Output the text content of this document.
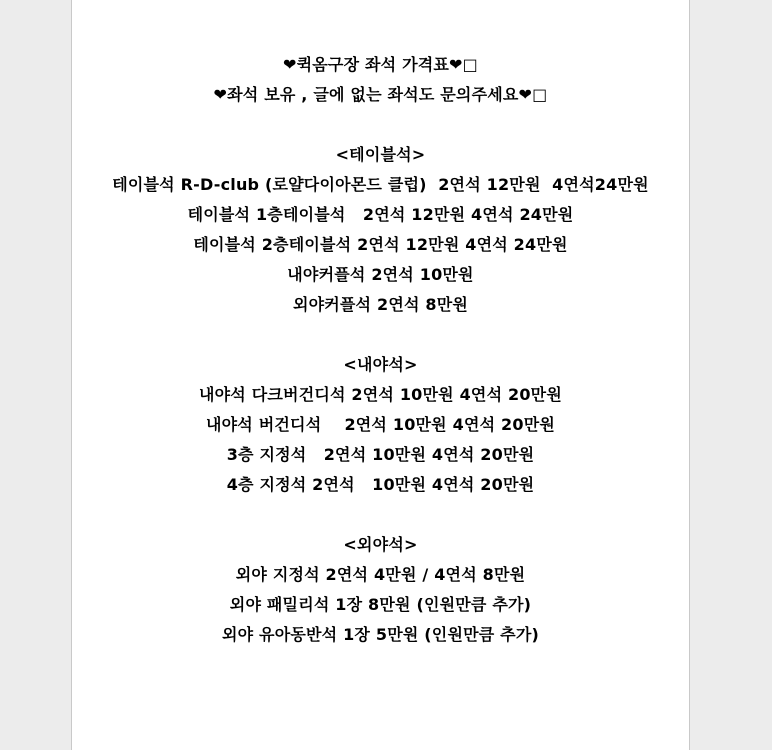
❤퀵옴구장 좌석 가격표❤□
❤좌석 보유 , 글에 없는 좌석도 문의주세요❤□
<테이블석>
테이블석 R-D-club (로얄다이아몬드 클럽)  2연석 12만원  4연석24만원
테이블석 1층테이블석   2연석 12만원 4연석 24만원
테이블석 2층테이블석 2연석 12만원 4연석 24만원
내야커플석 2연석 10만원
외야커플석 2연석 8만원
<내야석>
내야석 다크버건디석 2연석 10만원 4연석 20만원
내야석 버건디석    2연석 10만원 4연석 20만원
3층 지정석   2연석 10만원 4연석 20만원
4층 지정석 2연석   10만원 4연석 20만원
<외야석>
외야 지정석 2연석 4만원 / 4연석 8만원
외야 패밀리석 1장 8만원 (인원만큼 추가)
외야 유아동반석 1장 5만원 (인원만큼 추가)
